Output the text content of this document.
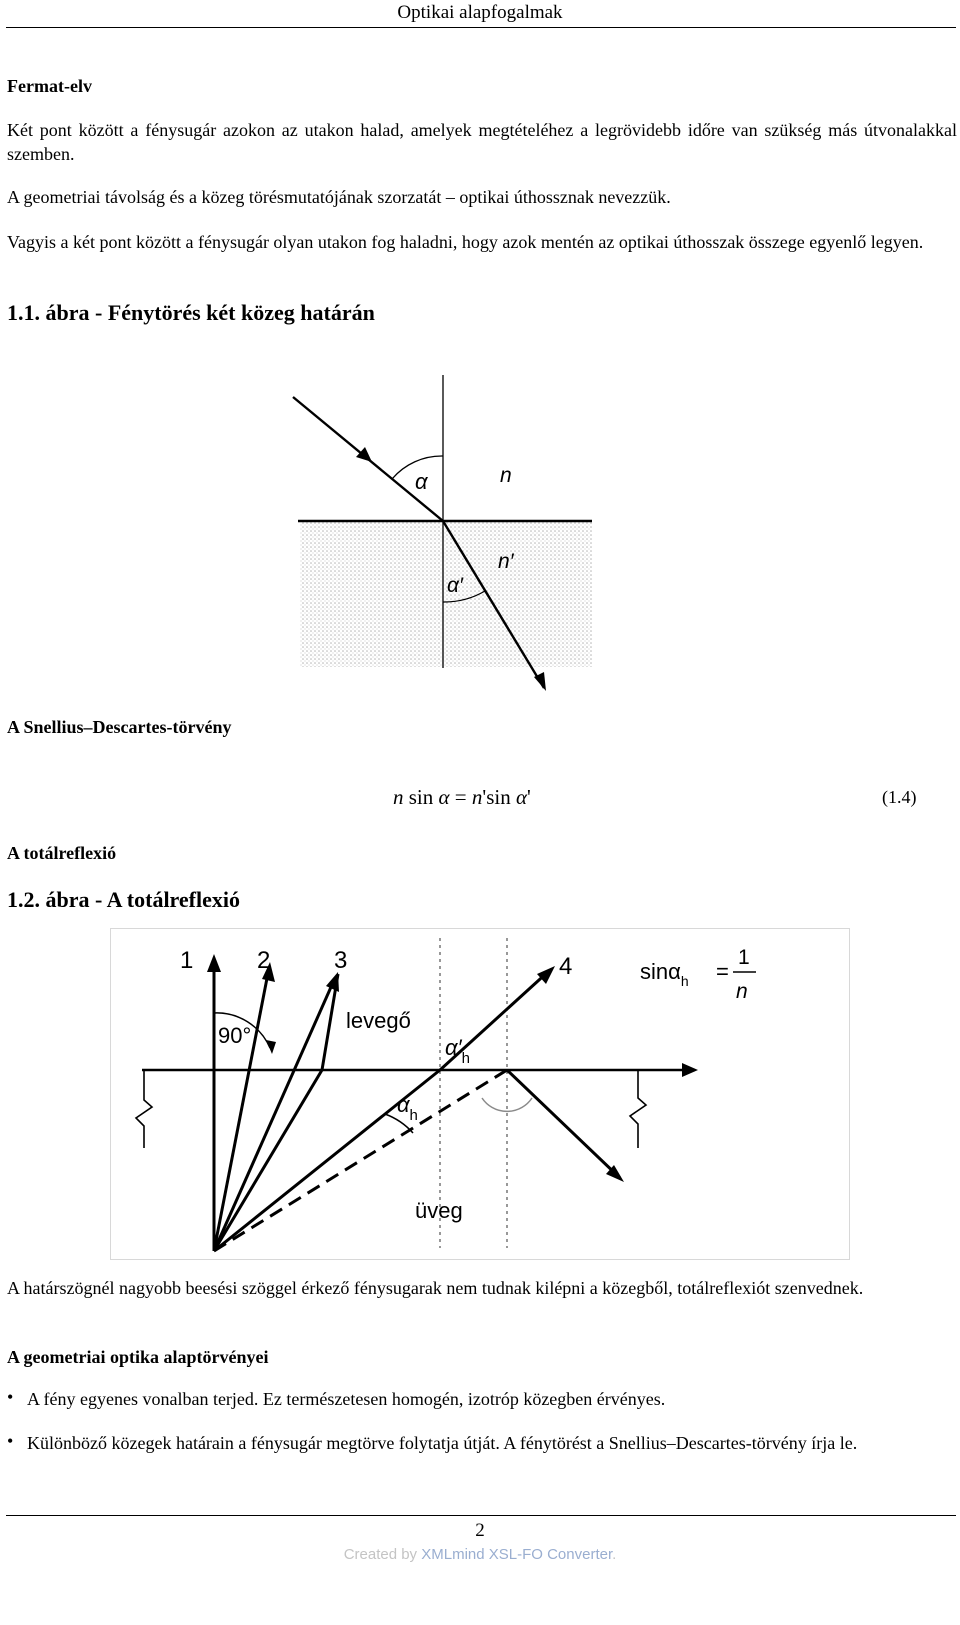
Optikai alapfogalmak
Fermat-elv
Két pont között a fénysugár azokon az utakon halad, amelyek megtételéhez a legrövidebb időre van szükség más útvonalakkal szemben.
A geometriai távolság és a közeg törésmutatójának szorzatát – optikai úthossznak nevezzük.
Vagyis a két pont között a fénysugár olyan utakon fog haladni, hogy azok mentén az optikai úthosszak összege egyenlő legyen.
1.1. ábra - Fénytörés két közeg határán
α	n
n′
α′
A Snellius–Descartes-törvény
n sin α = n'sin α'	(1.4)
A totálreflexió
1.2. ábra - A totálreflexió
1	2	3	4
90°
levegő
üveg
$\alpha'_h$
$\alpha_h$
sinα$_h$ =
1
n
A határszögnél nagyobb beesési szöggel érkező fénysugarak nem tudnak kilépni a közegből, totálreflexiót szenvednek.
A geometriai optika alaptörvényei
• A fény egyenes vonalban terjed. Ez természetesen homogén, izotróp közegben érvényes.
• Különböző közegek határain a fénysugár megtörve folytatja útját. A fénytörést a Snellius–Descartes-törvény írja le.
2
Created by XMLmind XSL-FO Converter.
